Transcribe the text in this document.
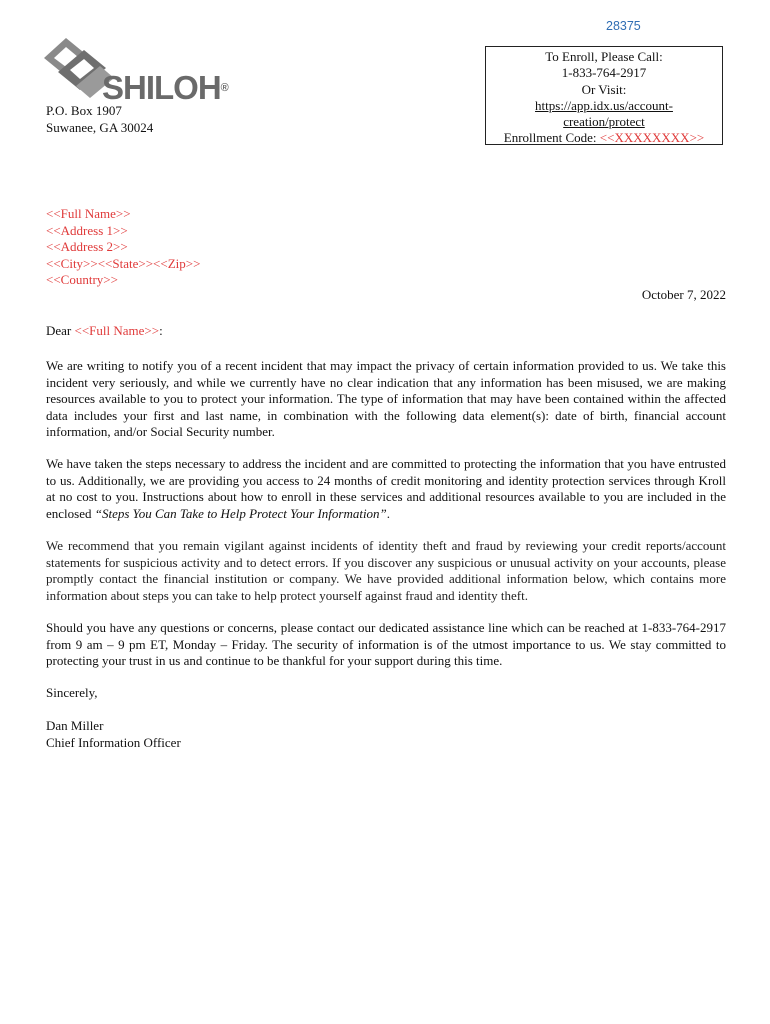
28375
SHILOH®
P.O. Box 1907
Suwanee, GA 30024
To Enroll, Please Call:
1-833-764-2917
Or Visit:
https://app.idx.us/account-
creation/protect
Enrollment Code: <<XXXXXXXX>>
<<Full Name>>
<<Address 1>>
<<Address 2>>
<<City>><<State>><<Zip>>
<<Country>>
October 7, 2022
Dear <<Full Name>>:
We are writing to notify you of a recent incident that may impact the privacy of certain information provided to us. We take this incident very seriously, and while we currently have no clear indication that any information has been misused, we are making resources available to you to protect your information. The type of information that may have been contained within the affected data includes your first and last name, in combination with the following data element(s): date of birth, financial account information, and/or Social Security number.
We have taken the steps necessary to address the incident and are committed to protecting the information that you have entrusted to us. Additionally, we are providing you access to 24 months of credit monitoring and identity protection services through Kroll at no cost to you. Instructions about how to enroll in these services and additional resources available to you are included in the enclosed “Steps You Can Take to Help Protect Your Information”.
We recommend that you remain vigilant against incidents of identity theft and fraud by reviewing your credit reports/account statements for suspicious activity and to detect errors. If you discover any suspicious or unusual activity on your accounts, please promptly contact the financial institution or company. We have provided additional information below, which contains more information about steps you can take to help protect yourself against fraud and identity theft.
Should you have any questions or concerns, please contact our dedicated assistance line which can be reached at 1-833-764-2917 from 9 am – 9 pm ET, Monday – Friday. The security of information is of the utmost importance to us. We stay committed to protecting your trust in us and continue to be thankful for your support during this time.
Sincerely,
Dan Miller
Chief Information Officer
